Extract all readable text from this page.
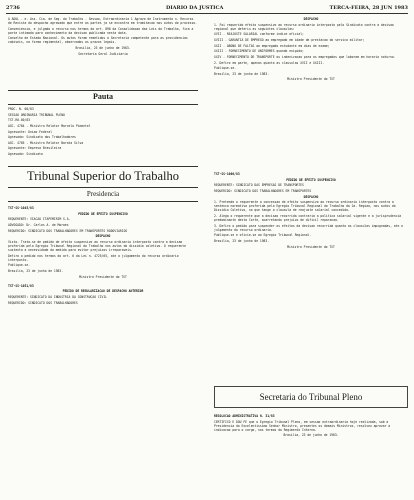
2736	DIARIO DA JUSTICA	TERCA-FEIRA, 28 JUN 1983

A ADUL - e. Ass. Cia. de Seg. do Trabalho - Sessao, Extraordinaria 1 Agravo de Instrumento n. Recurso de Revista do despacho agravado que entre as partes ja se encontra em tramitacao nos autos do processo.

Conveniencia, e julgado o recurso nos termos do art. 896 da Consolidacao das Leis do Trabalho, fica a parte intimada para conhecimento da decisao publicada nesta data.

Conselho de Estado Nacional. Os autos foram remetidos a Secretaria competente para as providencias cabiveis, na forma regimental, observados os prazos legais.

Brasilia, 23 de junho de 1983.

Secretaria Geral Judiciaria

Pauta

PROC. N. 00/83

SESSAO ORDINARIA TRIBUNAL PLENO

TST-R0-00/83

AGC. 4784 - Ministro Relator Marcelo Pimentel

Agravante: Uniao Federal

Agravado: Sindicato dos Trabalhadores

AGC. 4785 - Ministro Relator Barata Silva

Agravante: Empresa Brasileira

Agravado: Sindicato

Tribunal Superior do Trabalho
Presidencia

TST-SS-1045/83

PEDIDO DE EFEITO SUSPENSIVO

REQUERENTE: VIACAO ITAPEMIRIM S.A.

ADVOGADO: Dr. Carlos A. de Moraes

REQUERIDO: SINDICATO DOS TRABALHADORES EM TRANSPORTES RODOVIARIOS

DESPACHO

Visto. Trata-se de pedido de efeito suspensivo ao recurso ordinario interposto contra a decisao proferida pelo Egregio Tribunal Regional do Trabalho nos autos do dissidio coletivo. O requerente sustenta a necessidade da medida para evitar prejuizos irreparaveis.

Defiro o pedido nos termos do art. 6 da Lei n. 4725/65, ate o julgamento do recurso ordinario interposto.

Publique-se.

Brasilia, 23 de junho de 1983.

Ministro Presidente do TST

TST-SS-1051/83

PEDIDO DE REGULARIZACAO DE DESPACHO ANTERIOR

REQUERENTE: SINDICATO DA INDUSTRIA DA CONSTRUCAO CIVIL

REQUERIDO: SINDICATO DOS TRABALHADORES

DESPACHO

1. Foi requerido efeito suspensivo ao recurso ordinario interposto pelo Sindicato contra a decisao regional que deferiu as seguintes clausulas:

XVII - REAJUSTE SALARIAL conforme indice oficial;

XVIII - GARANTIA DE EMPREGO ao empregado em idade de prestacao do servico militar;

XXII - ABONO DE FALTAS ao empregado estudante em dias de exame;

XXIII - FORNECIMENTO DE UNIFORMES quando exigido;

XXIV - FORNECIMENTO DE TRANSPORTE ou indenizacao para os empregados que laboram em horario noturno.

2. Defiro em parte, apenas quanto as clausulas XVII e XXIII.

Publique-se.

Brasilia, 23 de junho de 1983.

Ministro Presidente do TST

TST-SS-1066/83

PEDIDO DE EFEITO SUSPENSIVO

REQUERENTE: SINDICATO DAS EMPRESAS DE TRANSPORTES

REQUERIDO: SINDICATO DOS TRABALHADORES EM TRANSPORTES

DESPACHO

1. Pretende o requerente a concessao de efeito suspensivo ao recurso ordinario interposto contra a sentenca normativa proferida pelo Egregio Tribunal Regional do Trabalho da 2a. Regiao, nos autos do Dissidio Coletivo, no que tange a clausula de reajuste salarial concedido.

2. Alega o requerente que a decisao recorrida contraria a politica salarial vigente e a jurisprudencia predominante desta Corte, acarretando prejuizo de dificil reparacao.

3. Defiro o pedido para suspender os efeitos da decisao recorrida quanto as clausulas impugnadas, ate o julgamento do recurso ordinario.

Publique-se e oficie-se ao Egregio Tribunal Regional.

Brasilia, 23 de junho de 1983.

Ministro Presidente do TST

Secretaria do Tribunal Pleno

RESOLUCAO ADMINISTRATIVA N. 31/83

CERTIFICO E DOU FE que o Egregio Tribunal Pleno, em sessao extraordinaria hoje realizada, sob a Presidencia do Excelentissimo Senhor Ministro, presentes os demais Ministros, resolveu aprovar a indicacao para o cargo, nos termos do Regimento Interno.

Brasilia, 23 de junho de 1983.
